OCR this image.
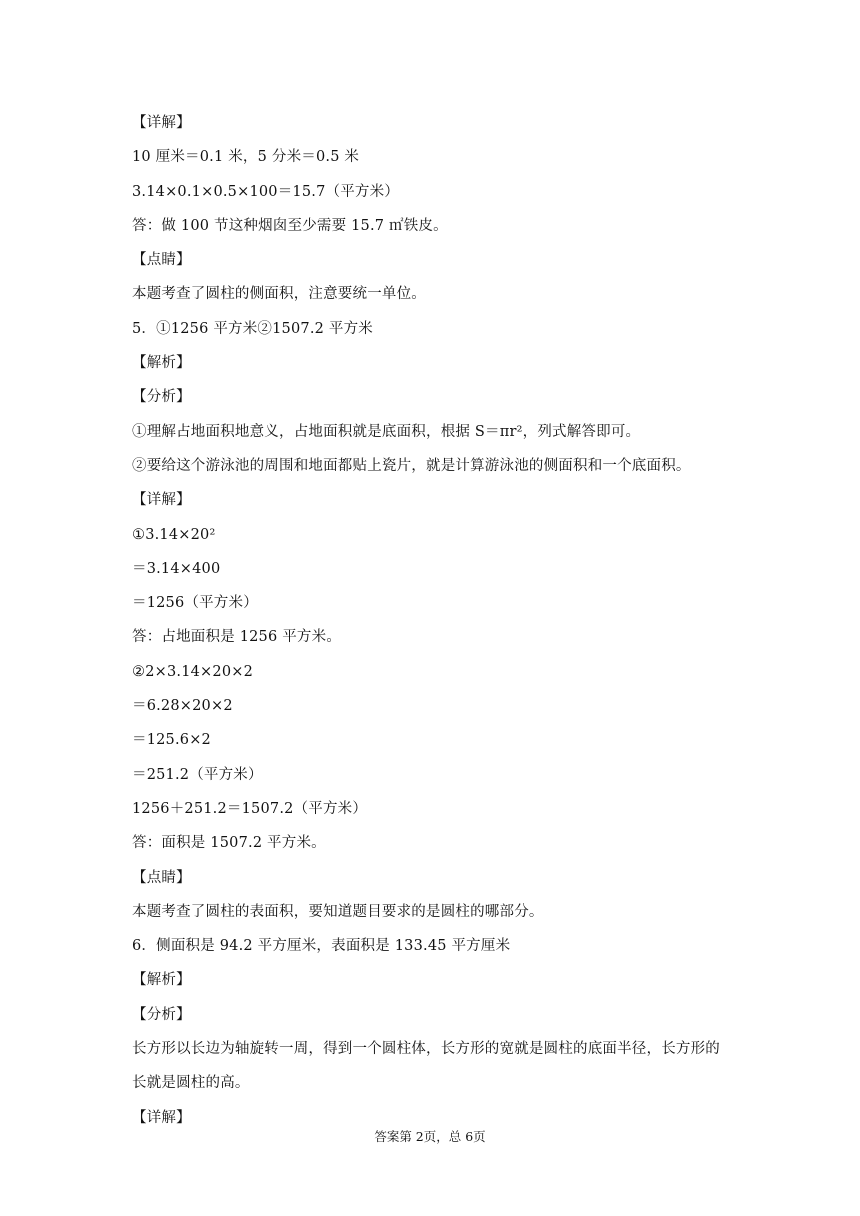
【详解】
10 厘米＝0.1 米，5 分米＝0.5 米
3.14×0.1×0.5×100＝15.7（平方米）
答：做 100 节这种烟囱至少需要 15.7 ㎡铁皮。
【点睛】
本题考查了圆柱的侧面积，注意要统一单位。
5．①1256 平方米②1507.2 平方米
【解析】
【分析】
①理解占地面积地意义，占地面积就是底面积，根据 S＝πr²，列式解答即可。
②要给这个游泳池的周围和地面都贴上瓷片，就是计算游泳池的侧面积和一个底面积。
【详解】
①3.14×20²
＝3.14×400
＝1256（平方米）
答：占地面积是 1256 平方米。
②2×3.14×20×2
＝6.28×20×2
＝125.6×2
＝251.2（平方米）
1256＋251.2＝1507.2（平方米）
答：面积是 1507.2 平方米。
【点睛】
本题考查了圆柱的表面积，要知道题目要求的是圆柱的哪部分。
6．侧面积是 94.2 平方厘米，表面积是 133.45 平方厘米
【解析】
【分析】
长方形以长边为轴旋转一周，得到一个圆柱体，长方形的宽就是圆柱的底面半径，长方形的
长就是圆柱的高。
【详解】
答案第 2页，总 6页
